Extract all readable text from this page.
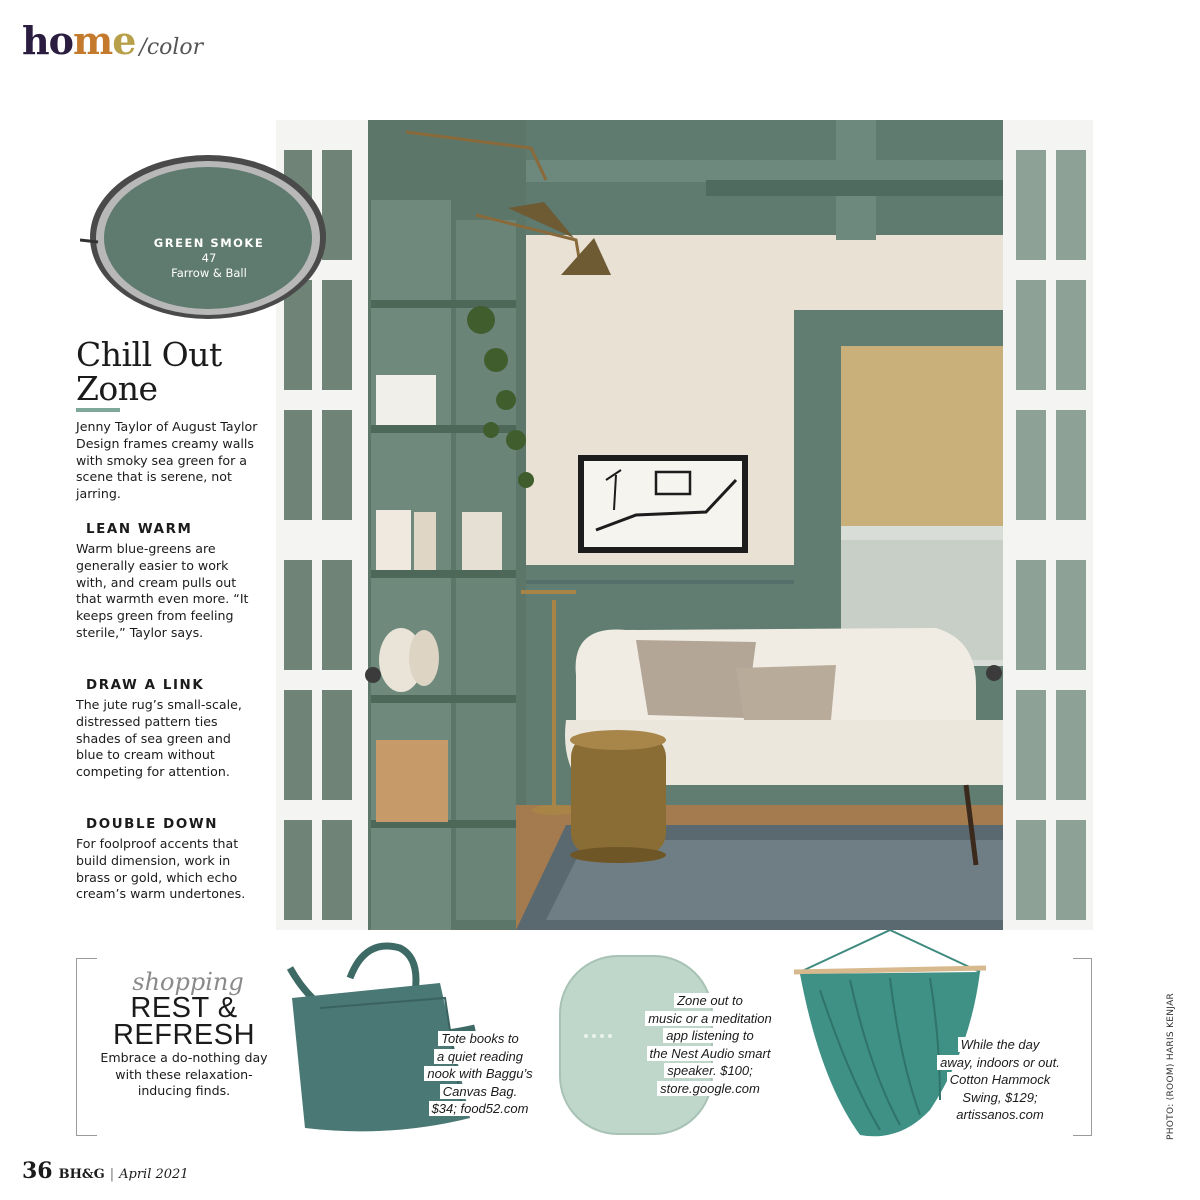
home /color
GREEN SMOKE
47
Farrow & Ball
Chill Out
Zone
Jenny Taylor of August Taylor Design frames creamy walls with smoky sea green for a scene that is serene, not jarring.
LEAN WARM
Warm blue-greens are generally easier to work with, and cream pulls out that warmth even more. “It keeps green from feeling sterile,” Taylor says.
DRAW A LINK
The jute rug’s small-scale, distressed pattern ties shades of sea green and blue to cream without competing for attention.
DOUBLE DOWN
For foolproof accents that build dimension, work in brass or gold, which echo cream’s warm undertones.
shopping
REST &
REFRESH
Embrace a do-nothing day with these relaxation-inducing finds.
Tote books to
a quiet reading
nook with Baggu’s
Canvas Bag.
$34; food52.com
Zone out to
music or a meditation
app listening to
the Nest Audio smart
speaker. $100;
store.google.com
While the day
away, indoors or out.
Cotton Hammock
Swing, $129;
artissanos.com
36 BH&G | April 2021
PHOTO: (ROOM) HARIS KENJAR
